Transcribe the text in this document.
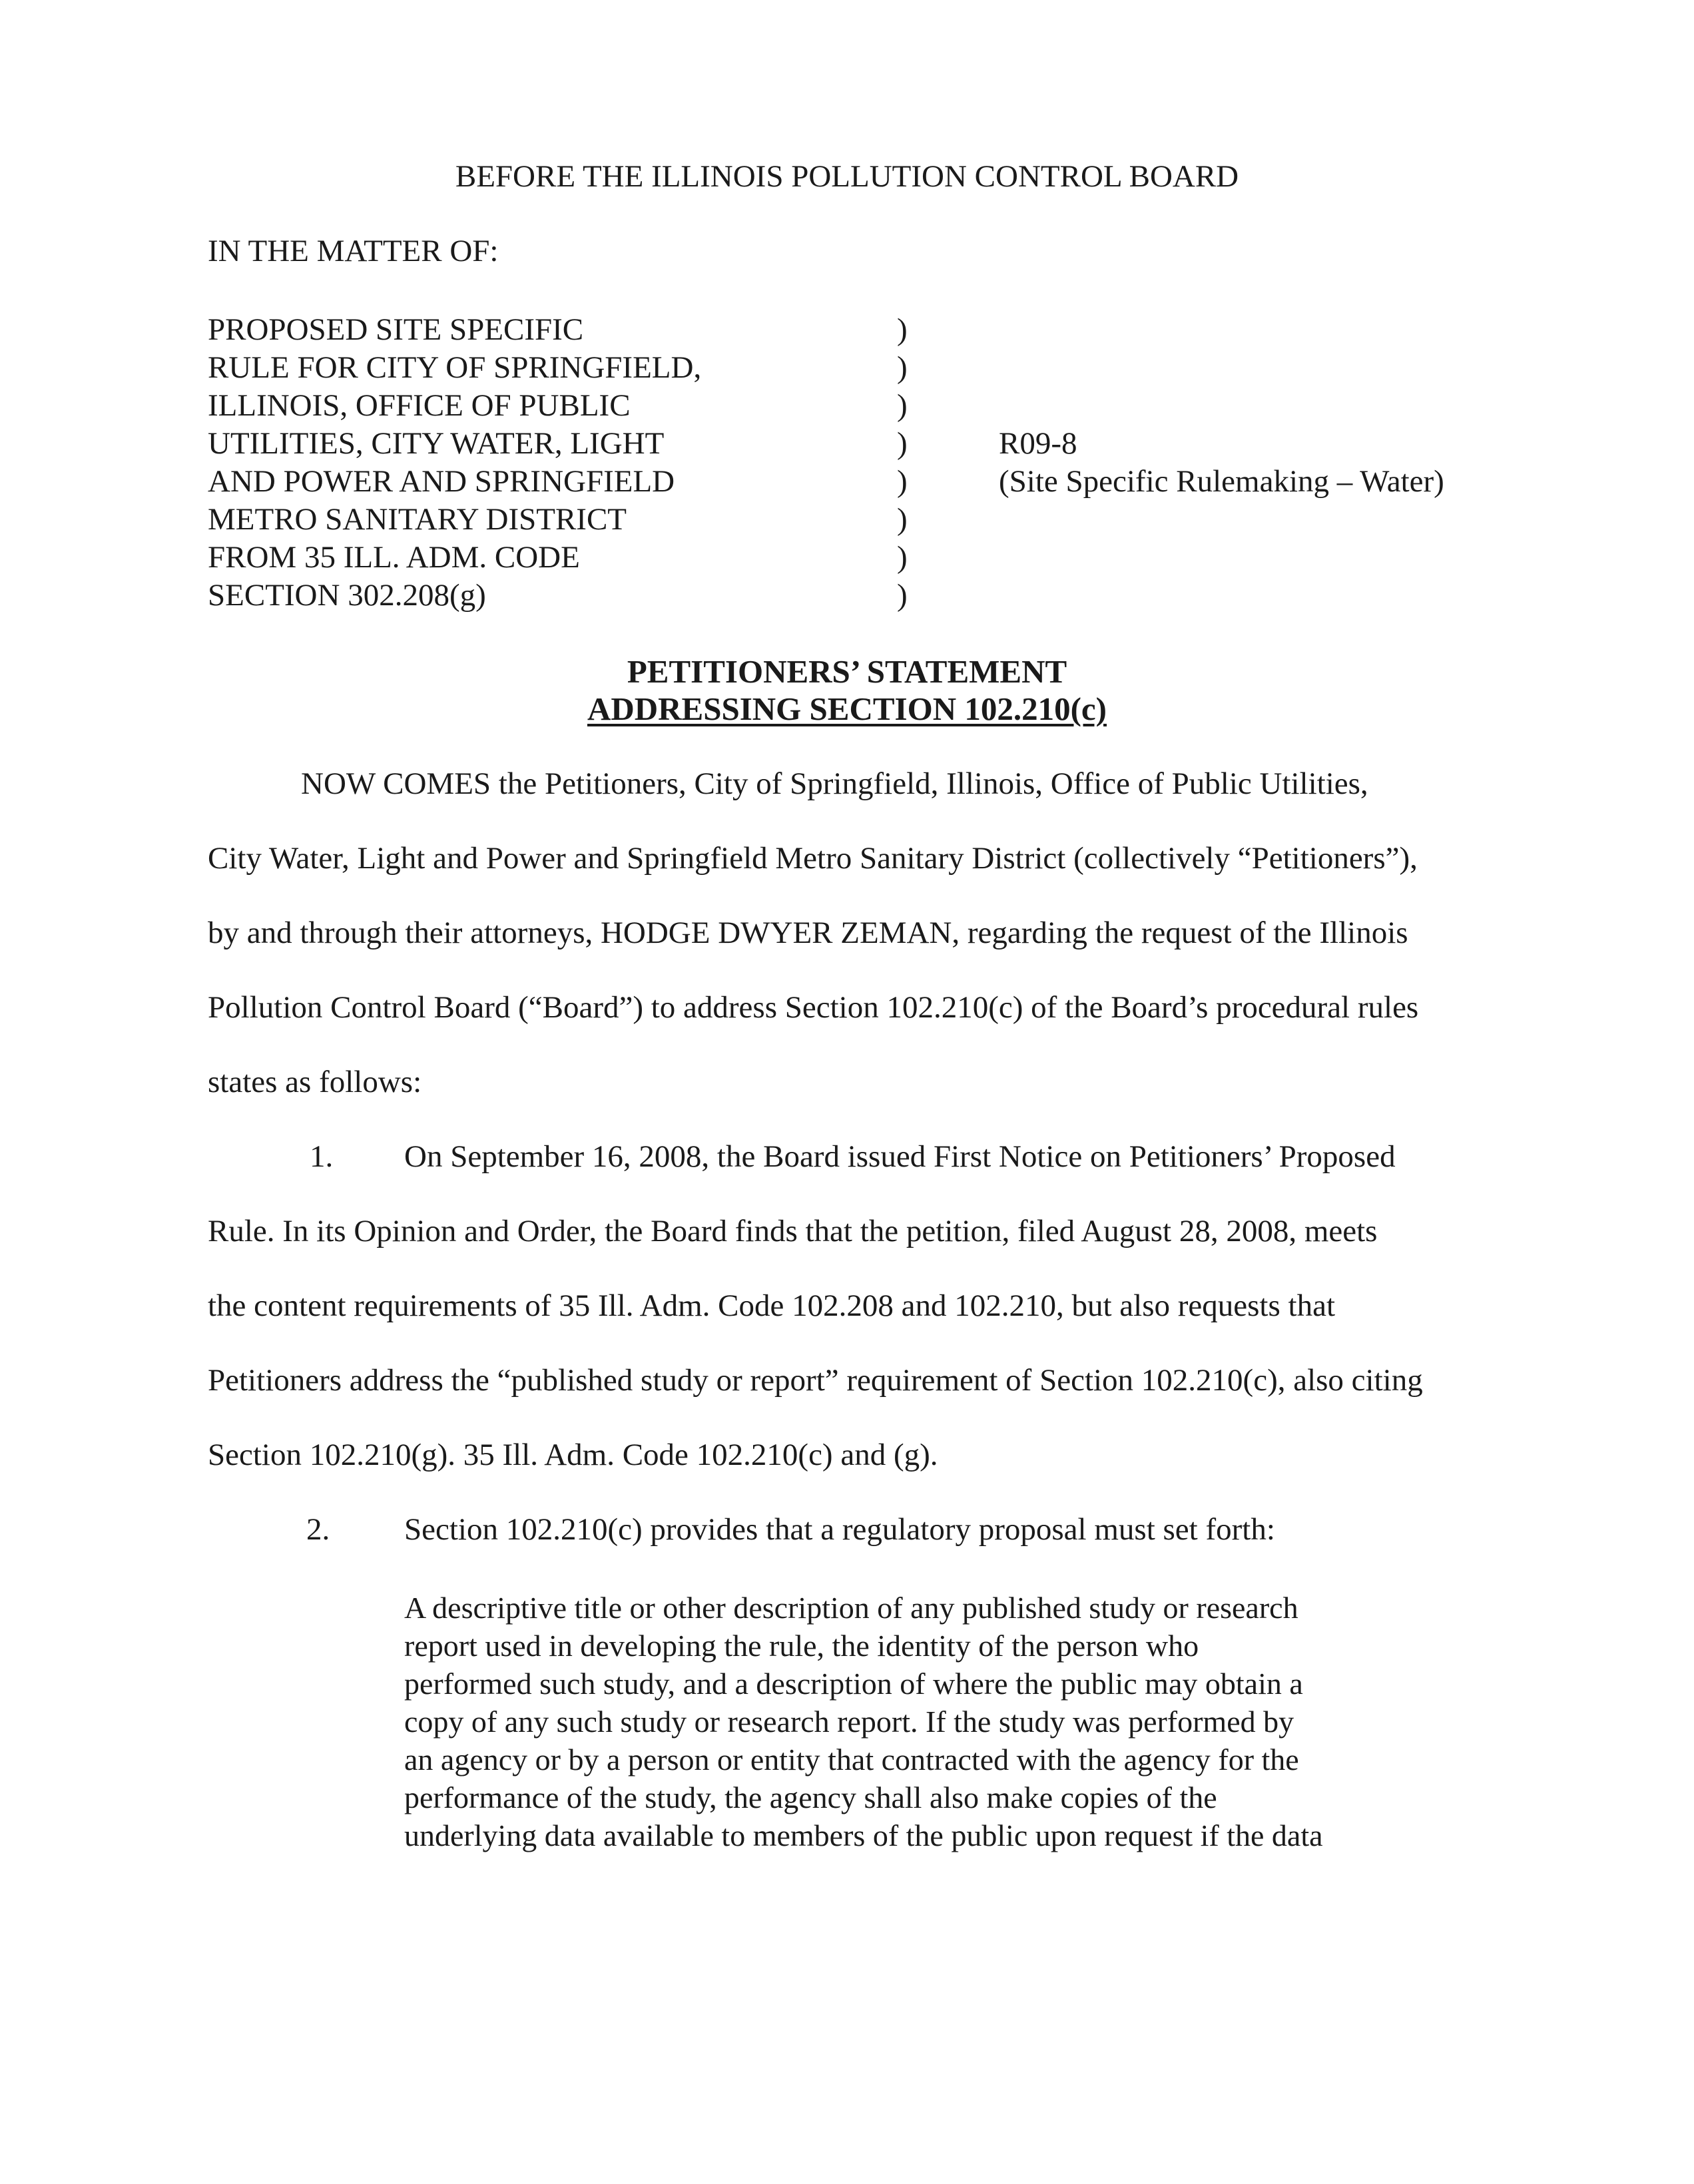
BEFORE THE ILLINOIS POLLUTION CONTROL BOARD
IN THE MATTER OF:
PROPOSED SITE SPECIFIC
RULE FOR CITY OF SPRINGFIELD,
ILLINOIS, OFFICE OF PUBLIC
UTILITIES, CITY WATER, LIGHT
AND POWER AND SPRINGFIELD
METRO SANITARY DISTRICT
FROM 35 ILL. ADM. CODE
SECTION 302.208(g)
)
)
)
)
)
)
)
)
R09-8
(Site Specific Rulemaking – Water)
PETITIONERS’ STATEMENT
ADDRESSING SECTION 102.210(c)
NOW COMES the Petitioners, City of Springfield, Illinois, Office of Public Utilities,
City Water, Light and Power and Springfield Metro Sanitary District (collectively “Petitioners”),
by and through their attorneys, HODGE DWYER ZEMAN, regarding the request of the Illinois
Pollution Control Board (“Board”) to address Section 102.210(c) of the Board’s procedural rules
states as follows:
1. On September 16, 2008, the Board issued First Notice on Petitioners’ Proposed
Rule. In its Opinion and Order, the Board finds that the petition, filed August 28, 2008, meets
the content requirements of 35 Ill. Adm. Code 102.208 and 102.210, but also requests that
Petitioners address the “published study or report” requirement of Section 102.210(c), also citing
Section 102.210(g). 35 Ill. Adm. Code 102.210(c) and (g).
2. Section 102.210(c) provides that a regulatory proposal must set forth:
A descriptive title or other description of any published study or research
report used in developing the rule, the identity of the person who
performed such study, and a description of where the public may obtain a
copy of any such study or research report. If the study was performed by
an agency or by a person or entity that contracted with the agency for the
performance of the study, the agency shall also make copies of the
underlying data available to members of the public upon request if the data
